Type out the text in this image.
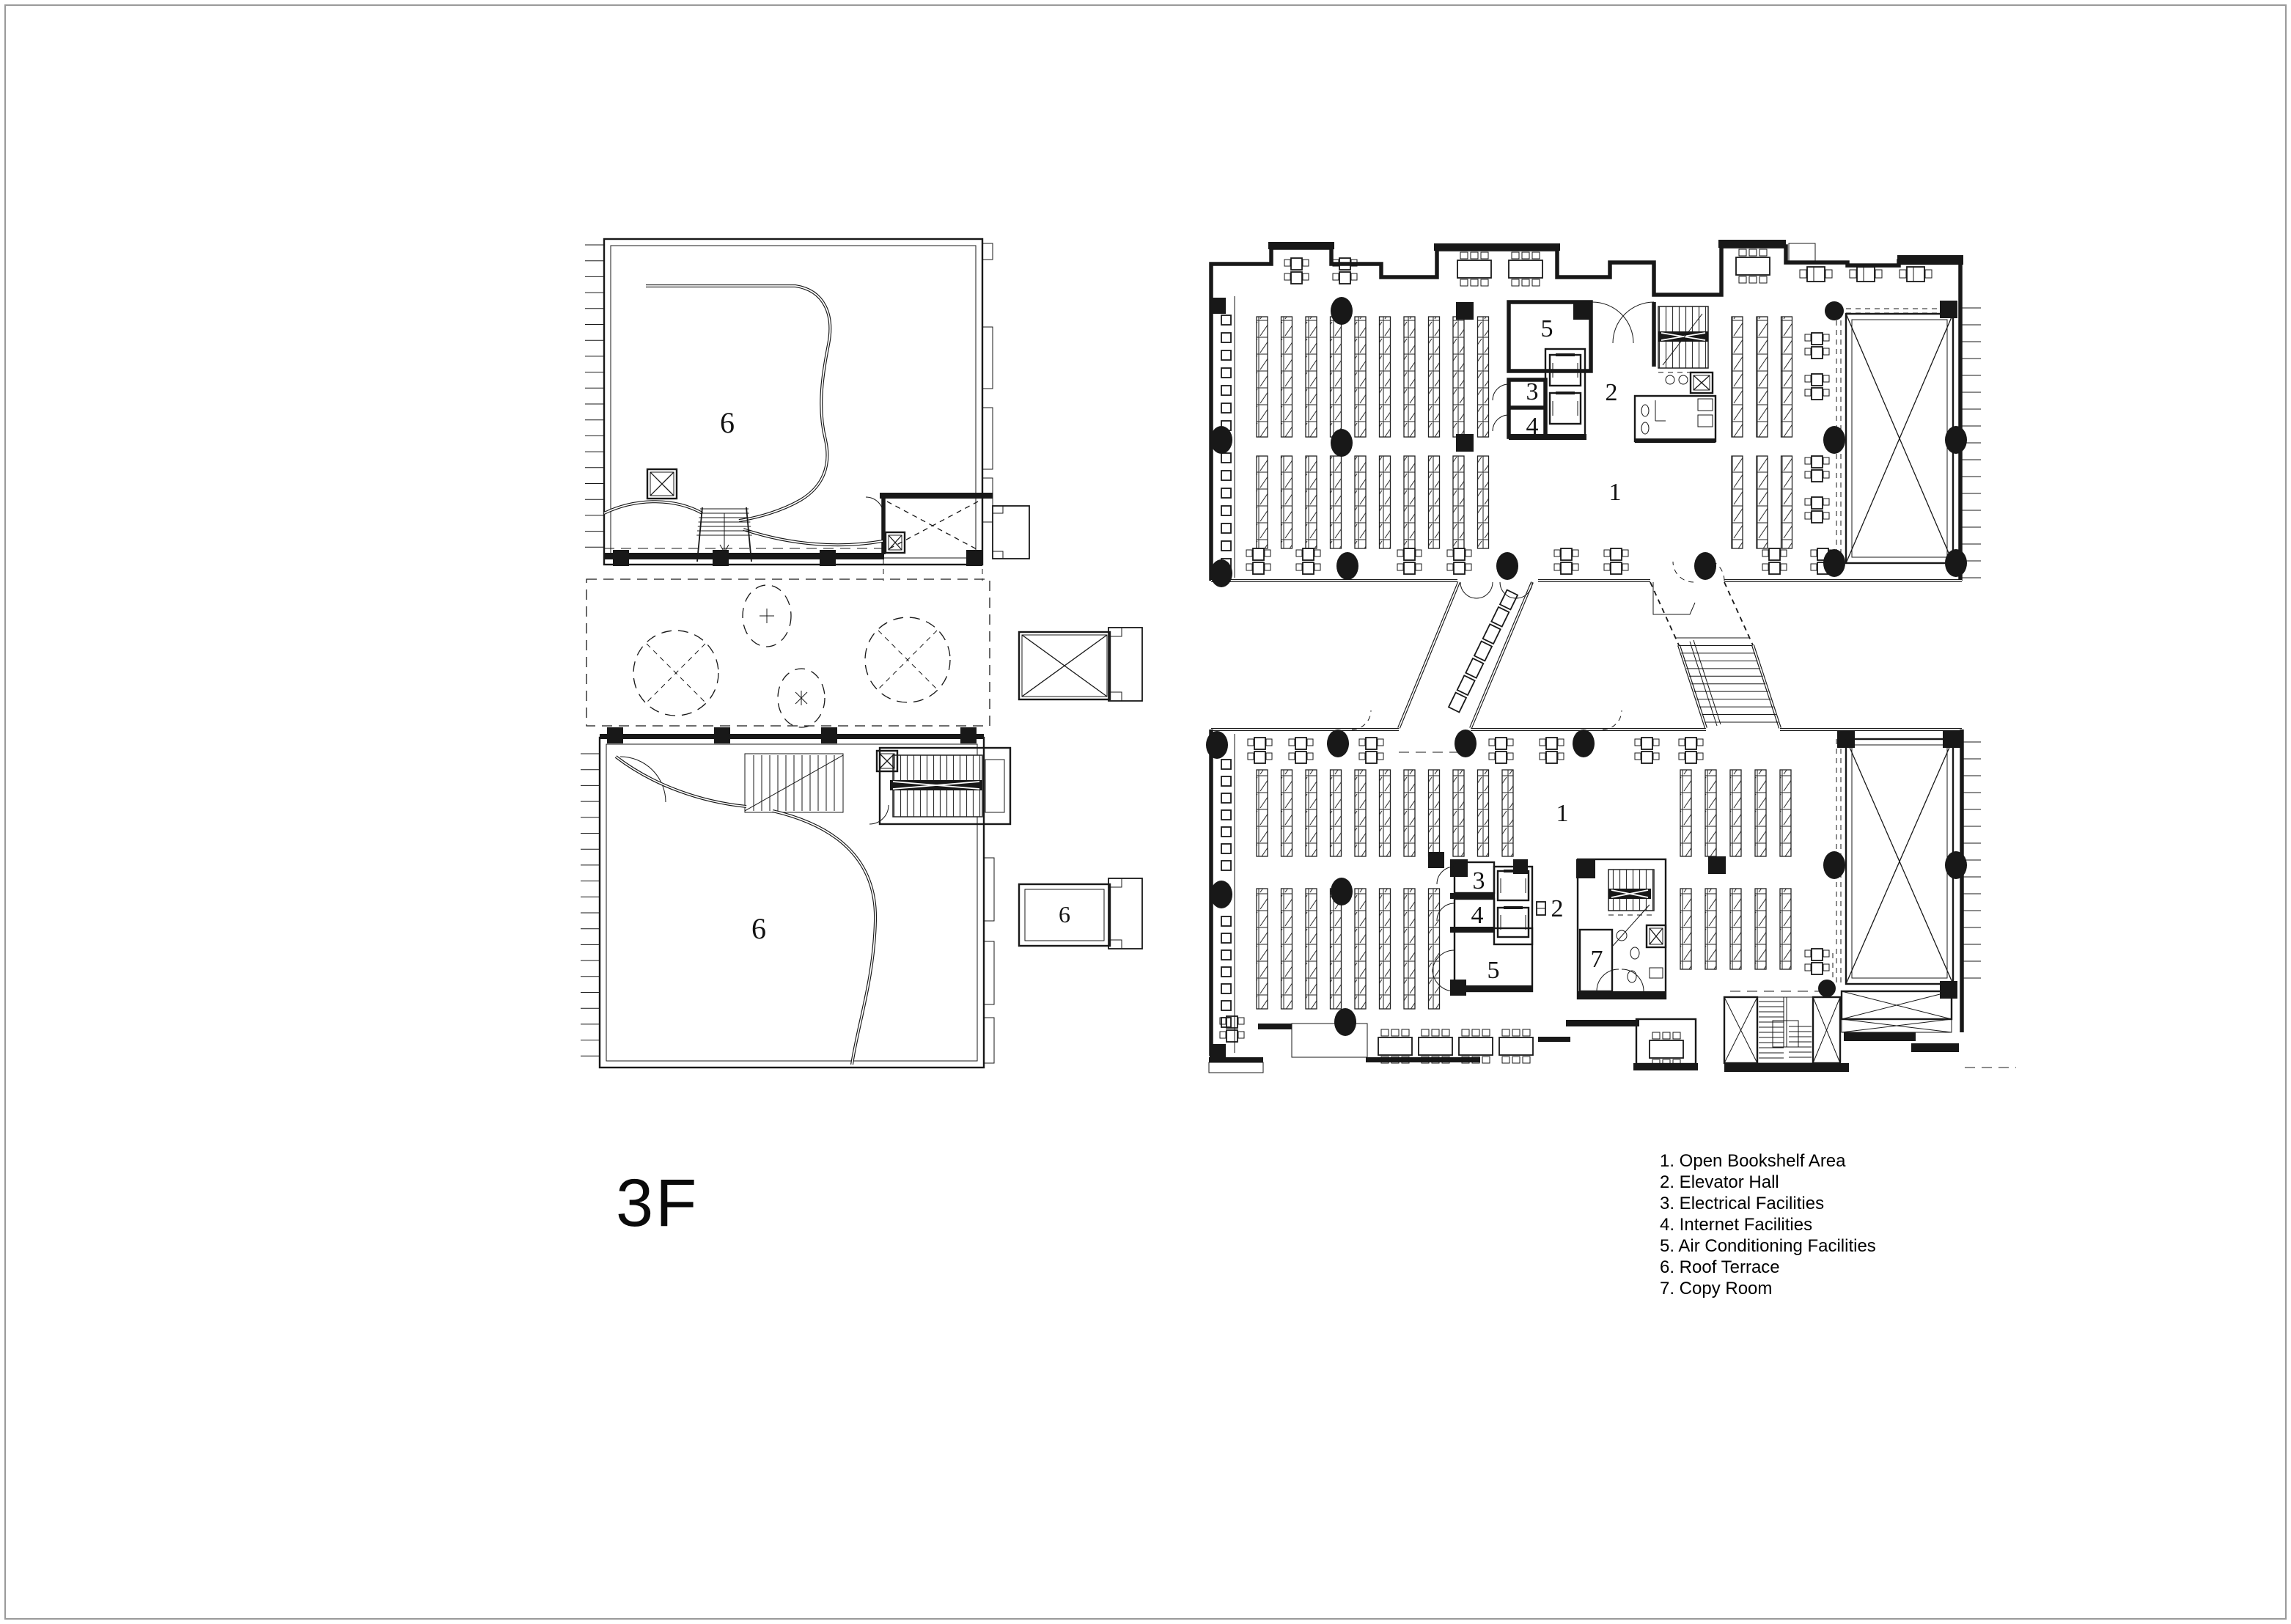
6
6	6
5
3
4
2
1
3
4	2
5	7
1
3F
1. Open Bookshelf Area
2. Elevator Hall
3. Electrical Facilities
4. Internet Facilities
5. Air Conditioning Facilities
6. Roof Terrace
7. Copy Room
